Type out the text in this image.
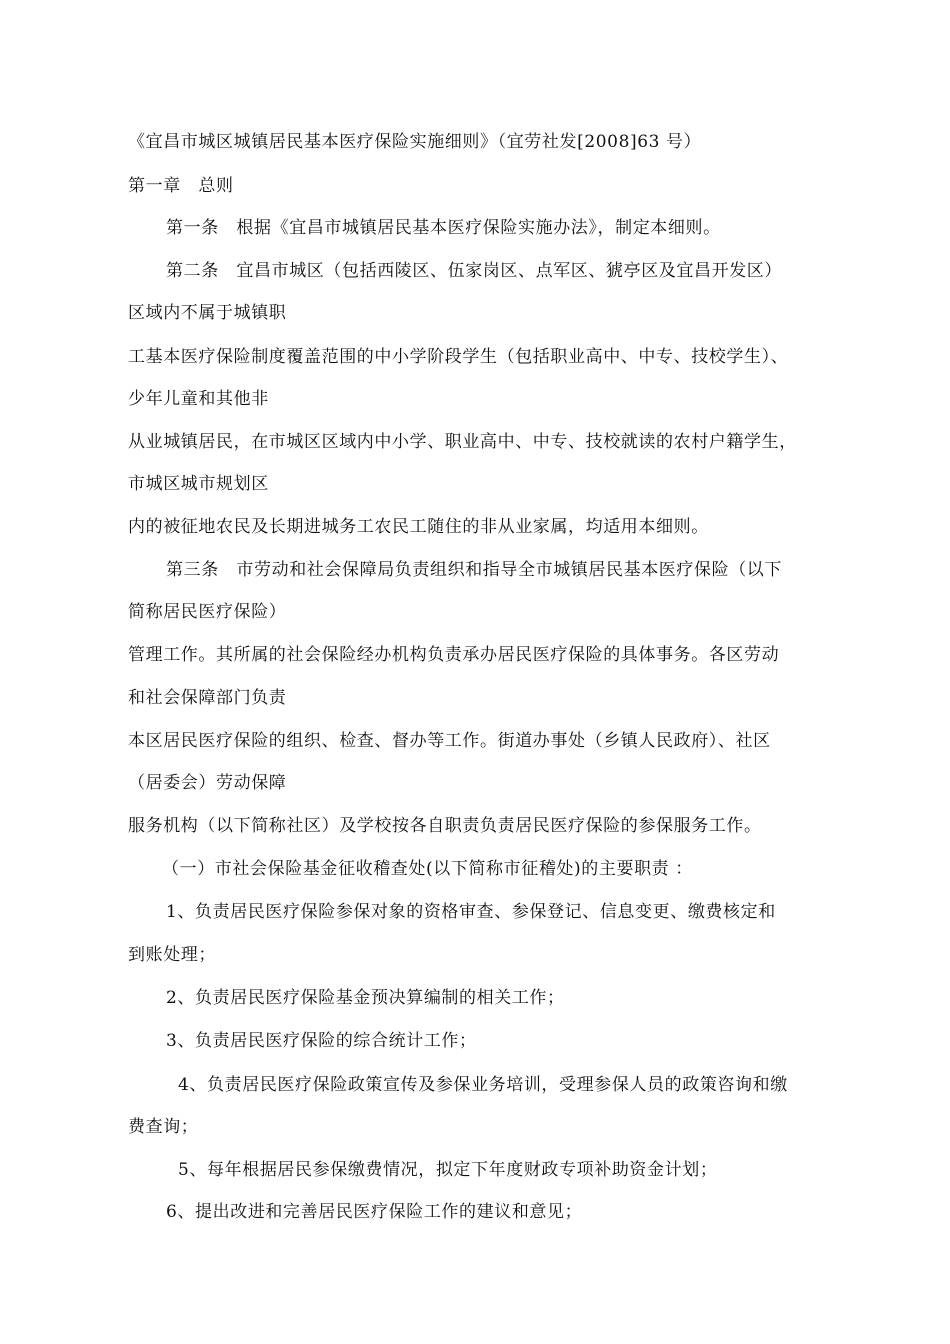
《宜昌市城区城镇居民基本医疗保险实施细则》（宜劳社发[2008]63 号）
第一章　总则
第一条　根据《宜昌市城镇居民基本医疗保险实施办法》，制定本细则。
第二条　宜昌市城区（包括西陵区、伍家岗区、点军区、猇亭区及宜昌开发区）
区域内不属于城镇职
工基本医疗保险制度覆盖范围的中小学阶段学生（包括职业高中、中专、技校学生）、
少年儿童和其他非
从业城镇居民，在市城区区域内中小学、职业高中、中专、技校就读的农村户籍学生，
市城区城市规划区
内的被征地农民及长期进城务工农民工随住的非从业家属，均适用本细则。
第三条　市劳动和社会保障局负责组织和指导全市城镇居民基本医疗保险（以下
简称居民医疗保险）
管理工作。其所属的社会保险经办机构负责承办居民医疗保险的具体事务。各区劳动
和社会保障部门负责
本区居民医疗保险的组织、检查、督办等工作。街道办事处（乡镇人民政府）、社区
（居委会）劳动保障
服务机构（以下简称社区）及学校按各自职责负责居民医疗保险的参保服务工作。
（一）市社会保险基金征收稽查处(以下简称市征稽处)的主要职责 ：
1、负责居民医疗保险参保对象的资格审查、参保登记、信息变更、缴费核定和
到账处理；
2、负责居民医疗保险基金预决算编制的相关工作；
3、负责居民医疗保险的综合统计工作；
4、负责居民医疗保险政策宣传及参保业务培训，受理参保人员的政策咨询和缴
费查询；
5、每年根据居民参保缴费情况，拟定下年度财政专项补助资金计划；
6、提出改进和完善居民医疗保险工作的建议和意见；
